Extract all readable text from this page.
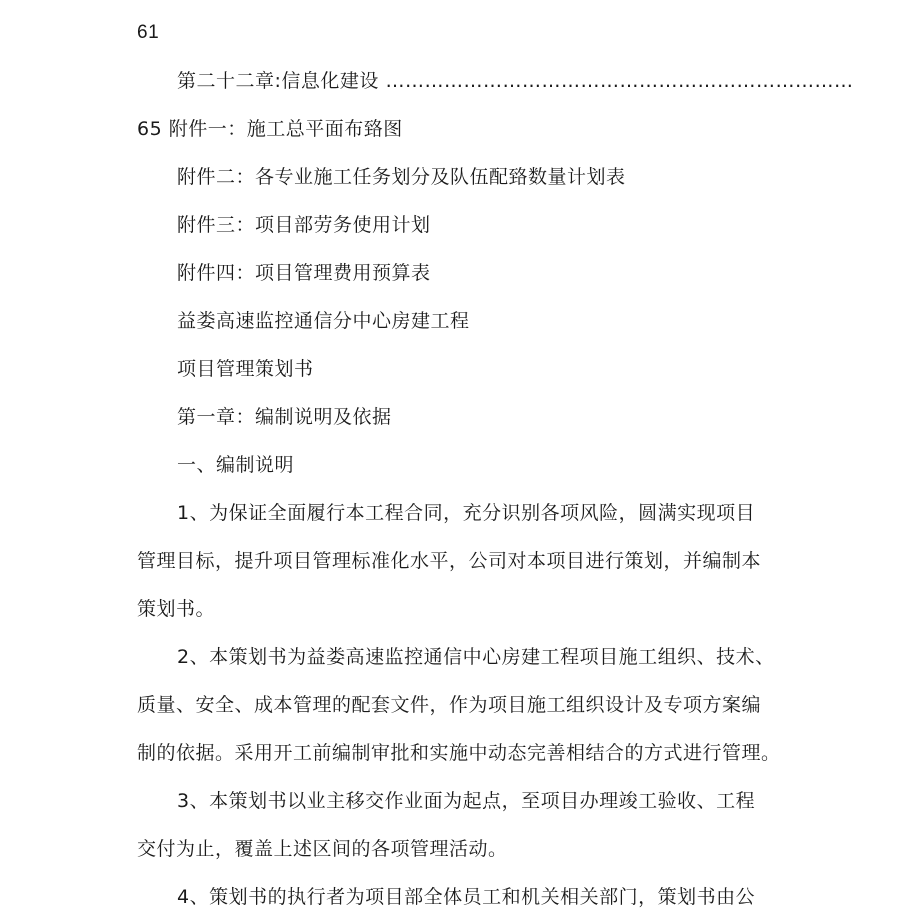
61
第二十二章:信息化建设 ………………………………………………………………
65 附件一：施工总平面布臵图
附件二：各专业施工任务划分及队伍配臵数量计划表
附件三：项目部劳务使用计划
附件四：项目管理费用预算表
益娄高速监控通信分中心房建工程
项目管理策划书
第一章：编制说明及依据
一、编制说明
1、为保证全面履行本工程合同，充分识别各项风险，圆满实现项目
管理目标，提升项目管理标准化水平，公司对本项目进行策划，并编制本
策划书。
2、本策划书为益娄高速监控通信中心房建工程项目施工组织、技术、
质量、安全、成本管理的配套文件，作为项目施工组织设计及专项方案编
制的依据。采用开工前编制审批和实施中动态完善相结合的方式进行管理。
3、本策划书以业主移交作业面为起点，至项目办理竣工验收、工程
交付为止，覆盖上述区间的各项管理活动。
4、策划书的执行者为项目部全体员工和机关相关部门，策划书由公
